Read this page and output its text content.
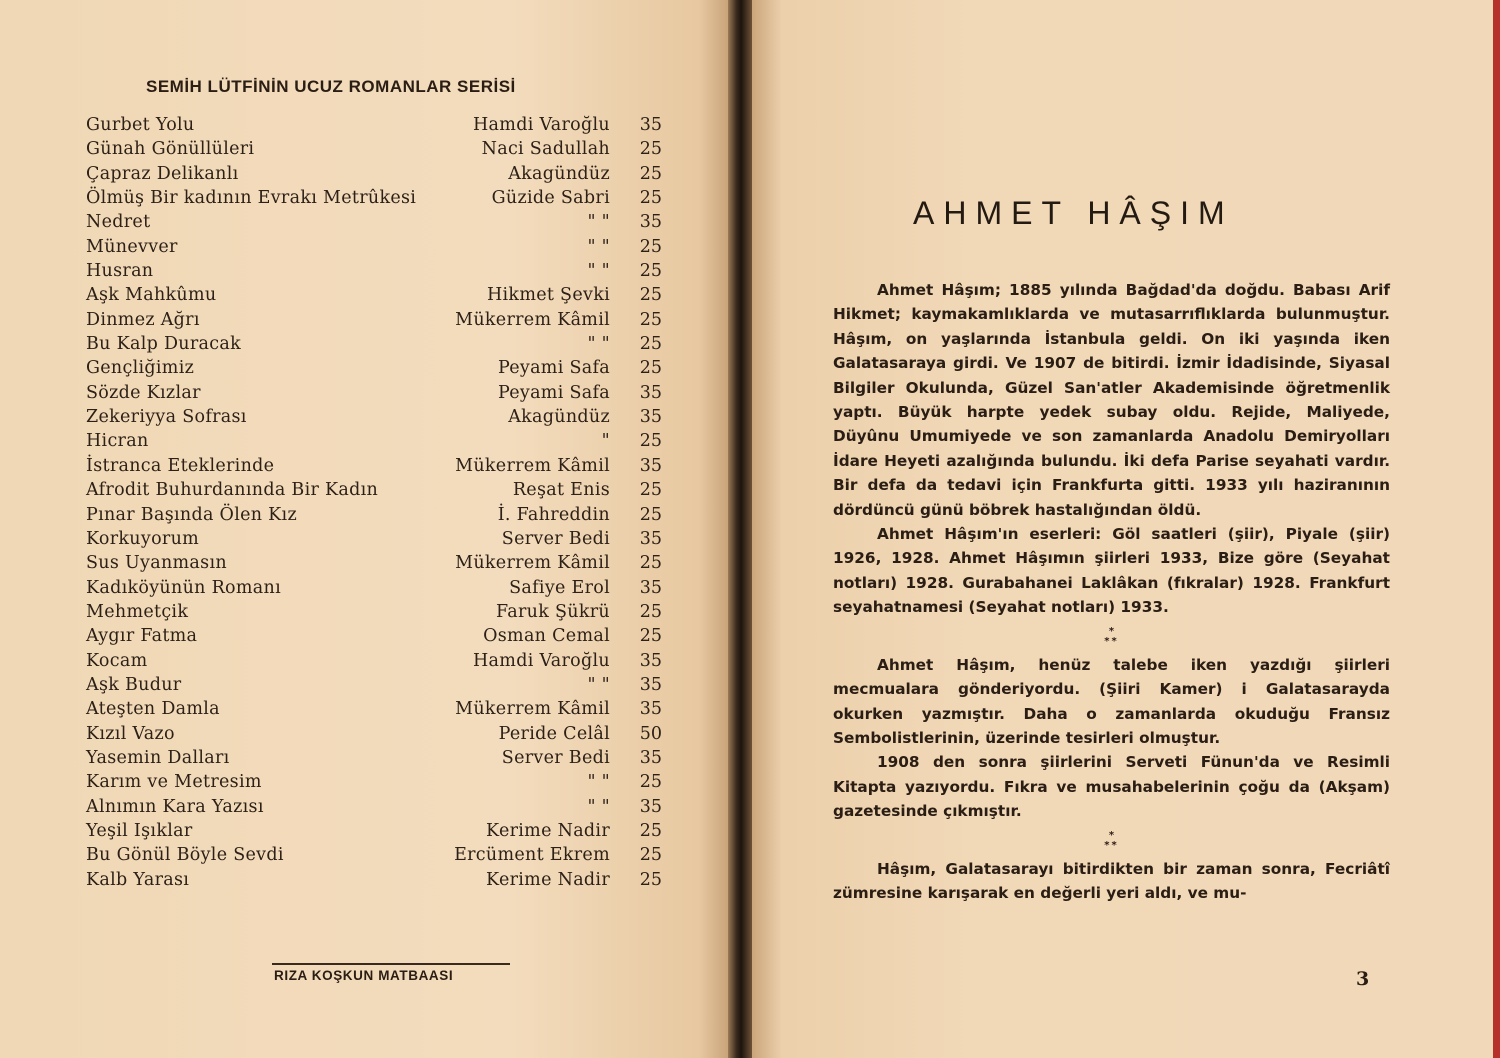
SEMİH LÜTFİNİN UCUZ ROMANLAR SERİSİ
Gurbet Yolu	Hamdi Varoğlu	35
Günah Gönüllüleri	Naci Sadullah	25
Çapraz Delikanlı	Akagündüz	25
Ölmüş Bir kadının Evrakı Metrûkesi	Güzide Sabri	25
Nedret	" "	35
Münevver	" "	25
Husran	" "	25
Aşk Mahkûmu	Hikmet Şevki	25
Dinmez Ağrı	Mükerrem Kâmil	25
Bu Kalp Duracak	" "	25
Gençliğimiz	Peyami Safa	25
Sözde Kızlar	Peyami Safa	35
Zekeriyya Sofrası	Akagündüz	35
Hicran	"	25
İstranca Eteklerinde	Mükerrem Kâmil	35
Afrodit Buhurdanında Bir Kadın	Reşat Enis	25
Pınar Başında Ölen Kız	İ. Fahreddin	25
Korkuyorum	Server Bedi	35
Sus Uyanmasın	Mükerrem Kâmil	25
Kadıköyünün Romanı	Safiye Erol	35
Mehmetçik	Faruk Şükrü	25
Aygır Fatma	Osman Cemal	25
Kocam	Hamdi Varoğlu	35
Aşk Budur	" "	35
Ateşten Damla	Mükerrem Kâmil	35
Kızıl Vazo	Peride Celâl	50
Yasemin Dalları	Server Bedi	35
Karım ve Metresim	" "	25
Alnımın Kara Yazısı	" "	35
Yeşil Işıklar	Kerime Nadir	25
Bu Gönül Böyle Sevdi	Ercüment Ekrem	25
Kalb Yarası	Kerime Nadir	25
RIZA KOŞKUN MATBAASI
AHMET HÂŞIM

Ahmet Hâşım; 1885 yılında Bağdad'da doğdu. Babası Arif Hikmet; kaymakamlıklarda ve mutasarrıflıklarda bulunmuştur. Hâşım, on yaşlarında İstanbula geldi. On iki yaşında iken Galatasaraya girdi. Ve 1907 de bitirdi. İzmir İdadisinde, Siyasal Bilgiler Okulunda, Güzel San'atler Akademisinde öğretmenlik yaptı. Büyük harpte yedek subay oldu. Rejide, Maliyede, Düyûnu Umumiyede ve son zamanlarda Anadolu Demiryolları İdare Heyeti azalığında bulundu. İki defa Parise seyahati vardır. Bir defa da tedavi için Frankfurta gitti. 1933 yılı haziranının dördüncü günü böbrek hastalığından öldü.

Ahmet Hâşım'ın eserleri: Göl saatleri (şiir), Piyale (şiir) 1926, 1928. Ahmet Hâşımın şiirleri 1933, Bize göre (Seyahat notları) 1928. Gurabahanei Laklâkan (fıkralar) 1928. Frankfurt seyahatnamesi (Seyahat notları) 1933.

*
**

Ahmet Hâşım, henüz talebe iken yazdığı şiirleri mecmualara gönderiyordu. (Şiiri Kamer) i Galatasarayda okurken yazmıştır. Daha o zamanlarda okuduğu Fransız Sembolistlerinin, üzerinde tesirleri olmuştur.

1908 den sonra şiirlerini Serveti Fünun'da ve Resimli Kitapta yazıyordu. Fıkra ve musahabelerinin çoğu da (Akşam) gazetesinde çıkmıştır.

*
**

Hâşım, Galatasarayı bitirdikten bir zaman sonra, Fecriâtî zümresine karışarak en değerli yeri aldı, ve mu-

3
